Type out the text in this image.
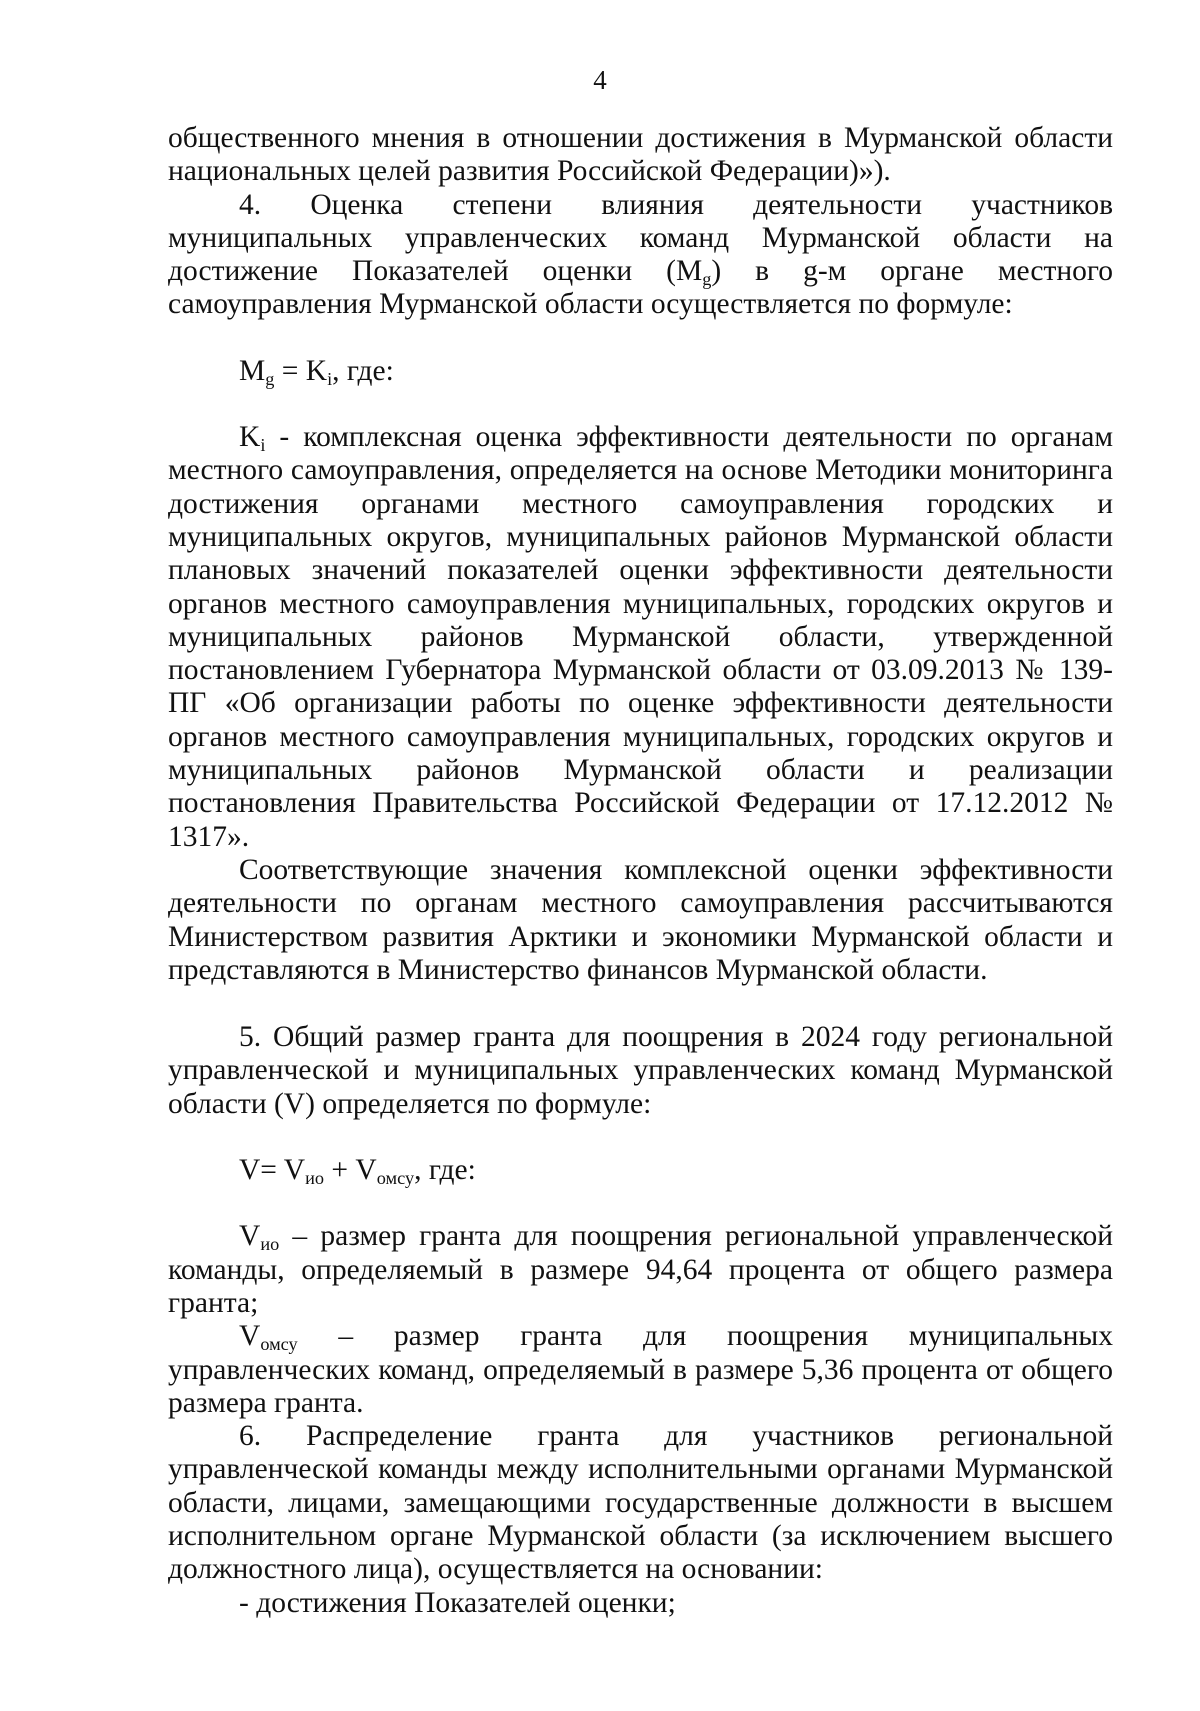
4

общественного мнения в отношении достижения в Мурманской области национальных целей развития Российской Федерации)»).

4. Оценка степени влияния деятельности участников муниципальных управленческих команд Мурманской области на достижение Показателей оценки $(M_g)$ в g-м органе местного самоуправления Мурманской области осуществляется по формуле:

$M_g = K_i$, где:

$K_i$ - комплексная оценка эффективности деятельности по органам местного самоуправления, определяется на основе Методики мониторинга достижения органами местного самоуправления городских и муниципальных округов, муниципальных районов Мурманской области плановых значений показателей оценки эффективности деятельности органов местного самоуправления муниципальных, городских округов и муниципальных районов Мурманской области, утвержденной постановлением Губернатора Мурманской области от 03.09.2013 № 139-ПГ «Об организации работы по оценке эффективности деятельности органов местного самоуправления муниципальных, городских округов и муниципальных районов Мурманской области и реализации постановления Правительства Российской Федерации от 17.12.2012 № 1317».

Соответствующие значения комплексной оценки эффективности деятельности по органам местного самоуправления рассчитываются Министерством развития Арктики и экономики Мурманской области и представляются в Министерство финансов Мурманской области.

5. Общий размер гранта для поощрения в 2024 году региональной управленческой и муниципальных управленческих команд Мурманской области (V) определяется по формуле:

$V= V_{ио} + V_{омсу}$, где:

$V_{ио}$ – размер гранта для поощрения региональной управленческой команды, определяемый в размере 94,64 процента от общего размера гранта;

$V_{омсу}$ – размер гранта для поощрения муниципальных управленческих команд, определяемый в размере 5,36 процента от общего размера гранта.

6. Распределение гранта для участников региональной управленческой команды между исполнительными органами Мурманской области, лицами, замещающими государственные должности в высшем исполнительном органе Мурманской области (за исключением высшего должностного лица), осуществляется на основании:

- достижения Показателей оценки;
